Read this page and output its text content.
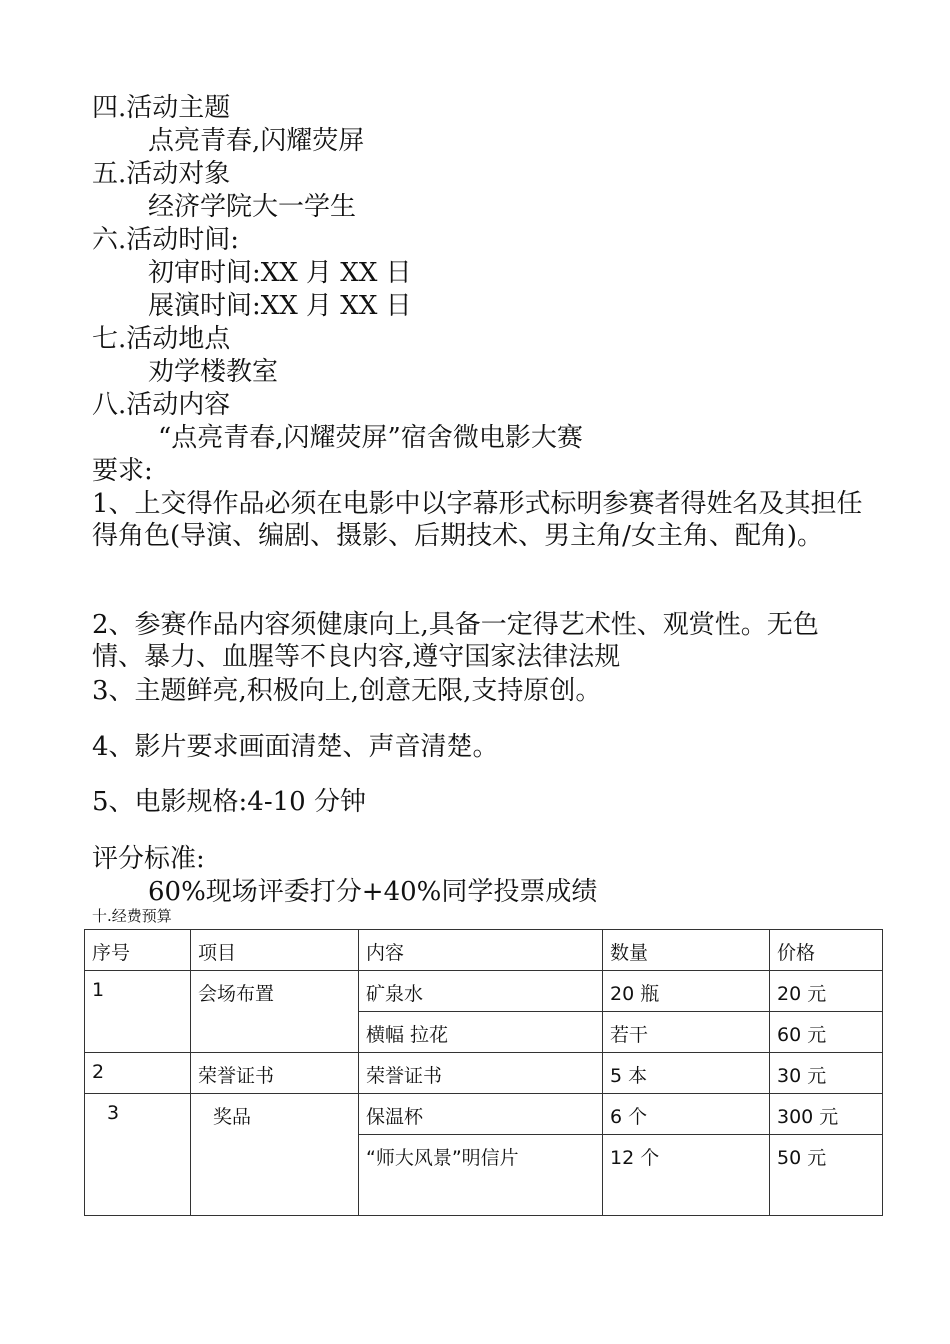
四.活动主题
点亮青春,闪耀荧屏
五.活动对象
经济学院大一学生
六.活动时间:
初审时间:XX 月 XX 日
展演时间:XX 月 XX 日
七.活动地点
劝学楼教室
八.活动内容
“点亮青春,闪耀荧屏”宿舍微电影大赛
要求:
1、上交得作品必须在电影中以字幕形式标明参赛者得姓名及其担任得角色(导演、编剧、摄影、后期技术、男主角/女主角、配角)。
2、参赛作品内容须健康向上,具备一定得艺术性、观赏性。无色情、暴力、血腥等不良内容,遵守国家法律法规
3、主题鲜亮,积极向上,创意无限,支持原创。
4、影片要求画面清楚、声音清楚。
5、电影规格:4-10 分钟
评分标准:
60%现场评委打分+40%同学投票成绩
十.经费预算
序号	项目	内容	数量	价格
1	会场布置	矿泉水	20 瓶	20 元
		横幅 拉花	若干	60 元
2	荣誉证书	荣誉证书	5 本	30 元
3	奖品	保温杯	6 个	300 元
		“师大风景”明信片	12 个	50 元
